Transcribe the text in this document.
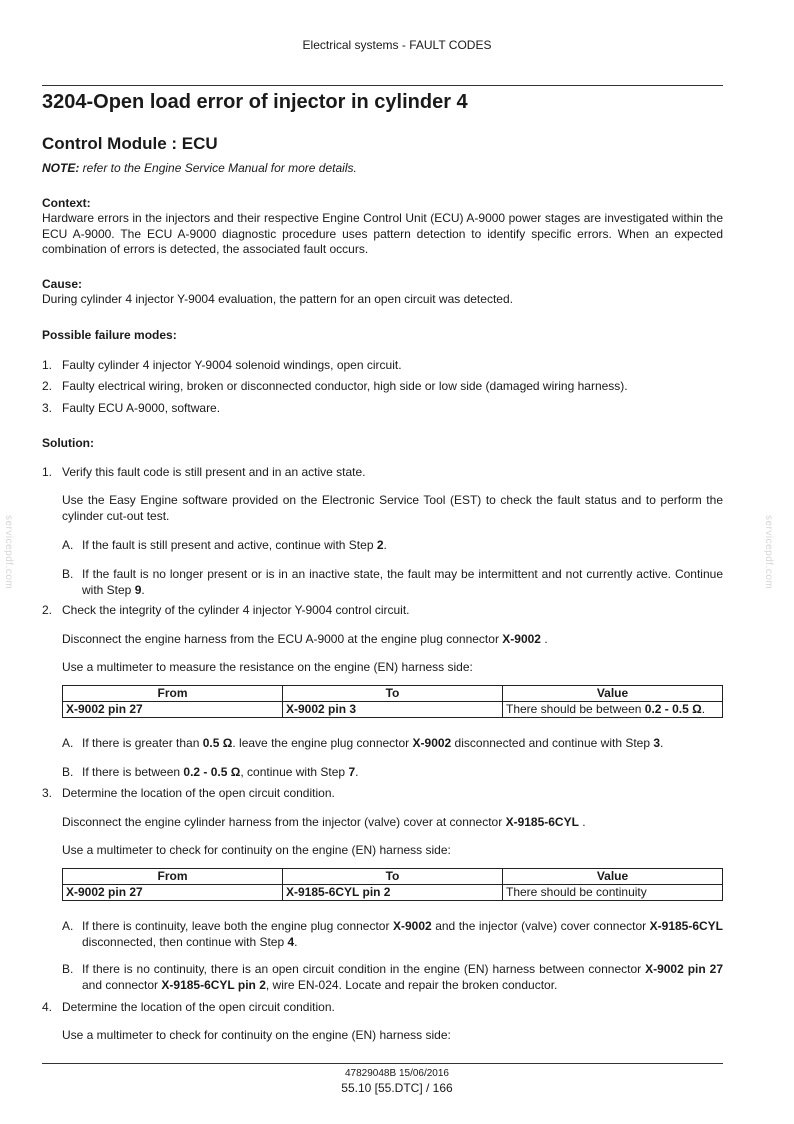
Electrical systems - FAULT CODES
3204-Open load error of injector in cylinder 4
Control Module : ECU
NOTE: refer to the Engine Service Manual for more details.
Context:
Hardware errors in the injectors and their respective Engine Control Unit (ECU) A-9000 power stages are investigated within the ECU A-9000. The ECU A-9000 diagnostic procedure uses pattern detection to identify specific errors. When an expected combination of errors is detected, the associated fault occurs.
Cause:
During cylinder 4 injector Y-9004 evaluation, the pattern for an open circuit was detected.
Possible failure modes:
1. Faulty cylinder 4 injector Y-9004 solenoid windings, open circuit.
2. Faulty electrical wiring, broken or disconnected conductor, high side or low side (damaged wiring harness).
3. Faulty ECU A-9000, software.
Solution:
1. Verify this fault code is still present and in an active state.
Use the Easy Engine software provided on the Electronic Service Tool (EST) to check the fault status and to perform the cylinder cut-out test.
A. If the fault is still present and active, continue with Step 2.
B. If the fault is no longer present or is in an inactive state, the fault may be intermittent and not currently active. Continue with Step 9.
2. Check the integrity of the cylinder 4 injector Y-9004 control circuit.
Disconnect the engine harness from the ECU A-9000 at the engine plug connector X-9002 .
Use a multimeter to measure the resistance on the engine (EN) harness side:
From	To	Value
X-9002 pin 27	X-9002 pin 3	There should be between 0.2 - 0.5 Ω.
A. If there is greater than 0.5 Ω. leave the engine plug connector X-9002 disconnected and continue with Step 3.
B. If there is between 0.2 - 0.5 Ω, continue with Step 7.
3. Determine the location of the open circuit condition.
Disconnect the engine cylinder harness from the injector (valve) cover at connector X-9185-6CYL .
Use a multimeter to check for continuity on the engine (EN) harness side:
From	To	Value
X-9002 pin 27	X-9185-6CYL pin 2	There should be continuity
A. If there is continuity, leave both the engine plug connector X-9002 and the injector (valve) cover connector X-9185-6CYL disconnected, then continue with Step 4.
B. If there is no continuity, there is an open circuit condition in the engine (EN) harness between connector X-9002 pin 27 and connector X-9185-6CYL pin 2, wire EN-024. Locate and repair the broken conductor.
4. Determine the location of the open circuit condition.
Use a multimeter to check for continuity on the engine (EN) harness side:
servicepdf.com	servicepdf.com
47829048B 15/06/2016
55.10 [55.DTC] / 166
